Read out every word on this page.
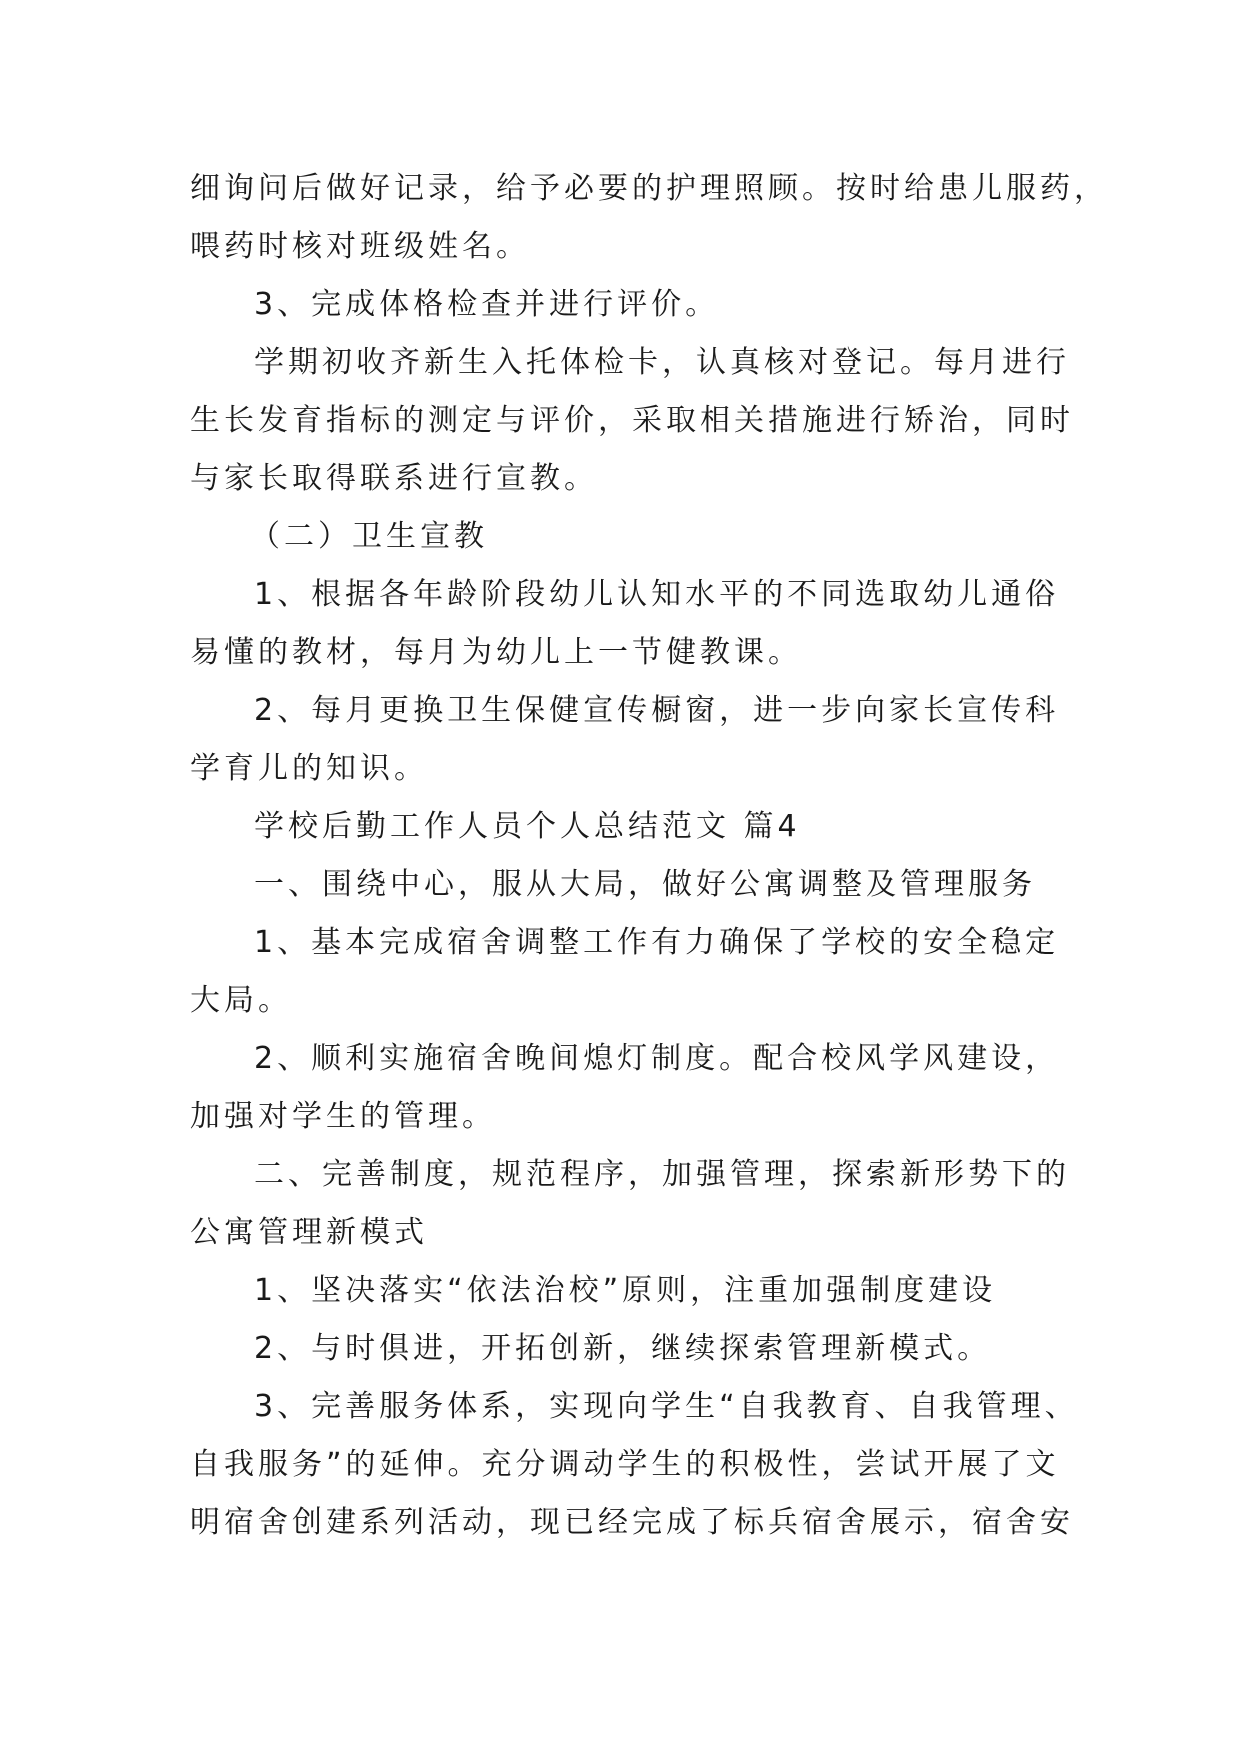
细询问后做好记录，给予必要的护理照顾。按时给患儿服药，
喂药时核对班级姓名。
3、完成体格检查并进行评价。
学期初收齐新生入托体检卡，认真核对登记。每月进行
生长发育指标的测定与评价，采取相关措施进行矫治，同时
与家长取得联系进行宣教。
（二）卫生宣教
1、根据各年龄阶段幼儿认知水平的不同选取幼儿通俗
易懂的教材，每月为幼儿上一节健教课。
2、每月更换卫生保健宣传橱窗，进一步向家长宣传科
学育儿的知识。
学校后勤工作人员个人总结范文 篇4
一、围绕中心，服从大局，做好公寓调整及管理服务
1、基本完成宿舍调整工作有力确保了学校的安全稳定
大局。
2、顺利实施宿舍晚间熄灯制度。配合校风学风建设，
加强对学生的管理。
二、完善制度，规范程序，加强管理，探索新形势下的
公寓管理新模式
1、坚决落实“依法治校”原则，注重加强制度建设
2、与时俱进，开拓创新，继续探索管理新模式。
3、完善服务体系，实现向学生“自我教育、自我管理、
自我服务”的延伸。充分调动学生的积极性，尝试开展了文
明宿舍创建系列活动，现已经完成了标兵宿舍展示，宿舍安
